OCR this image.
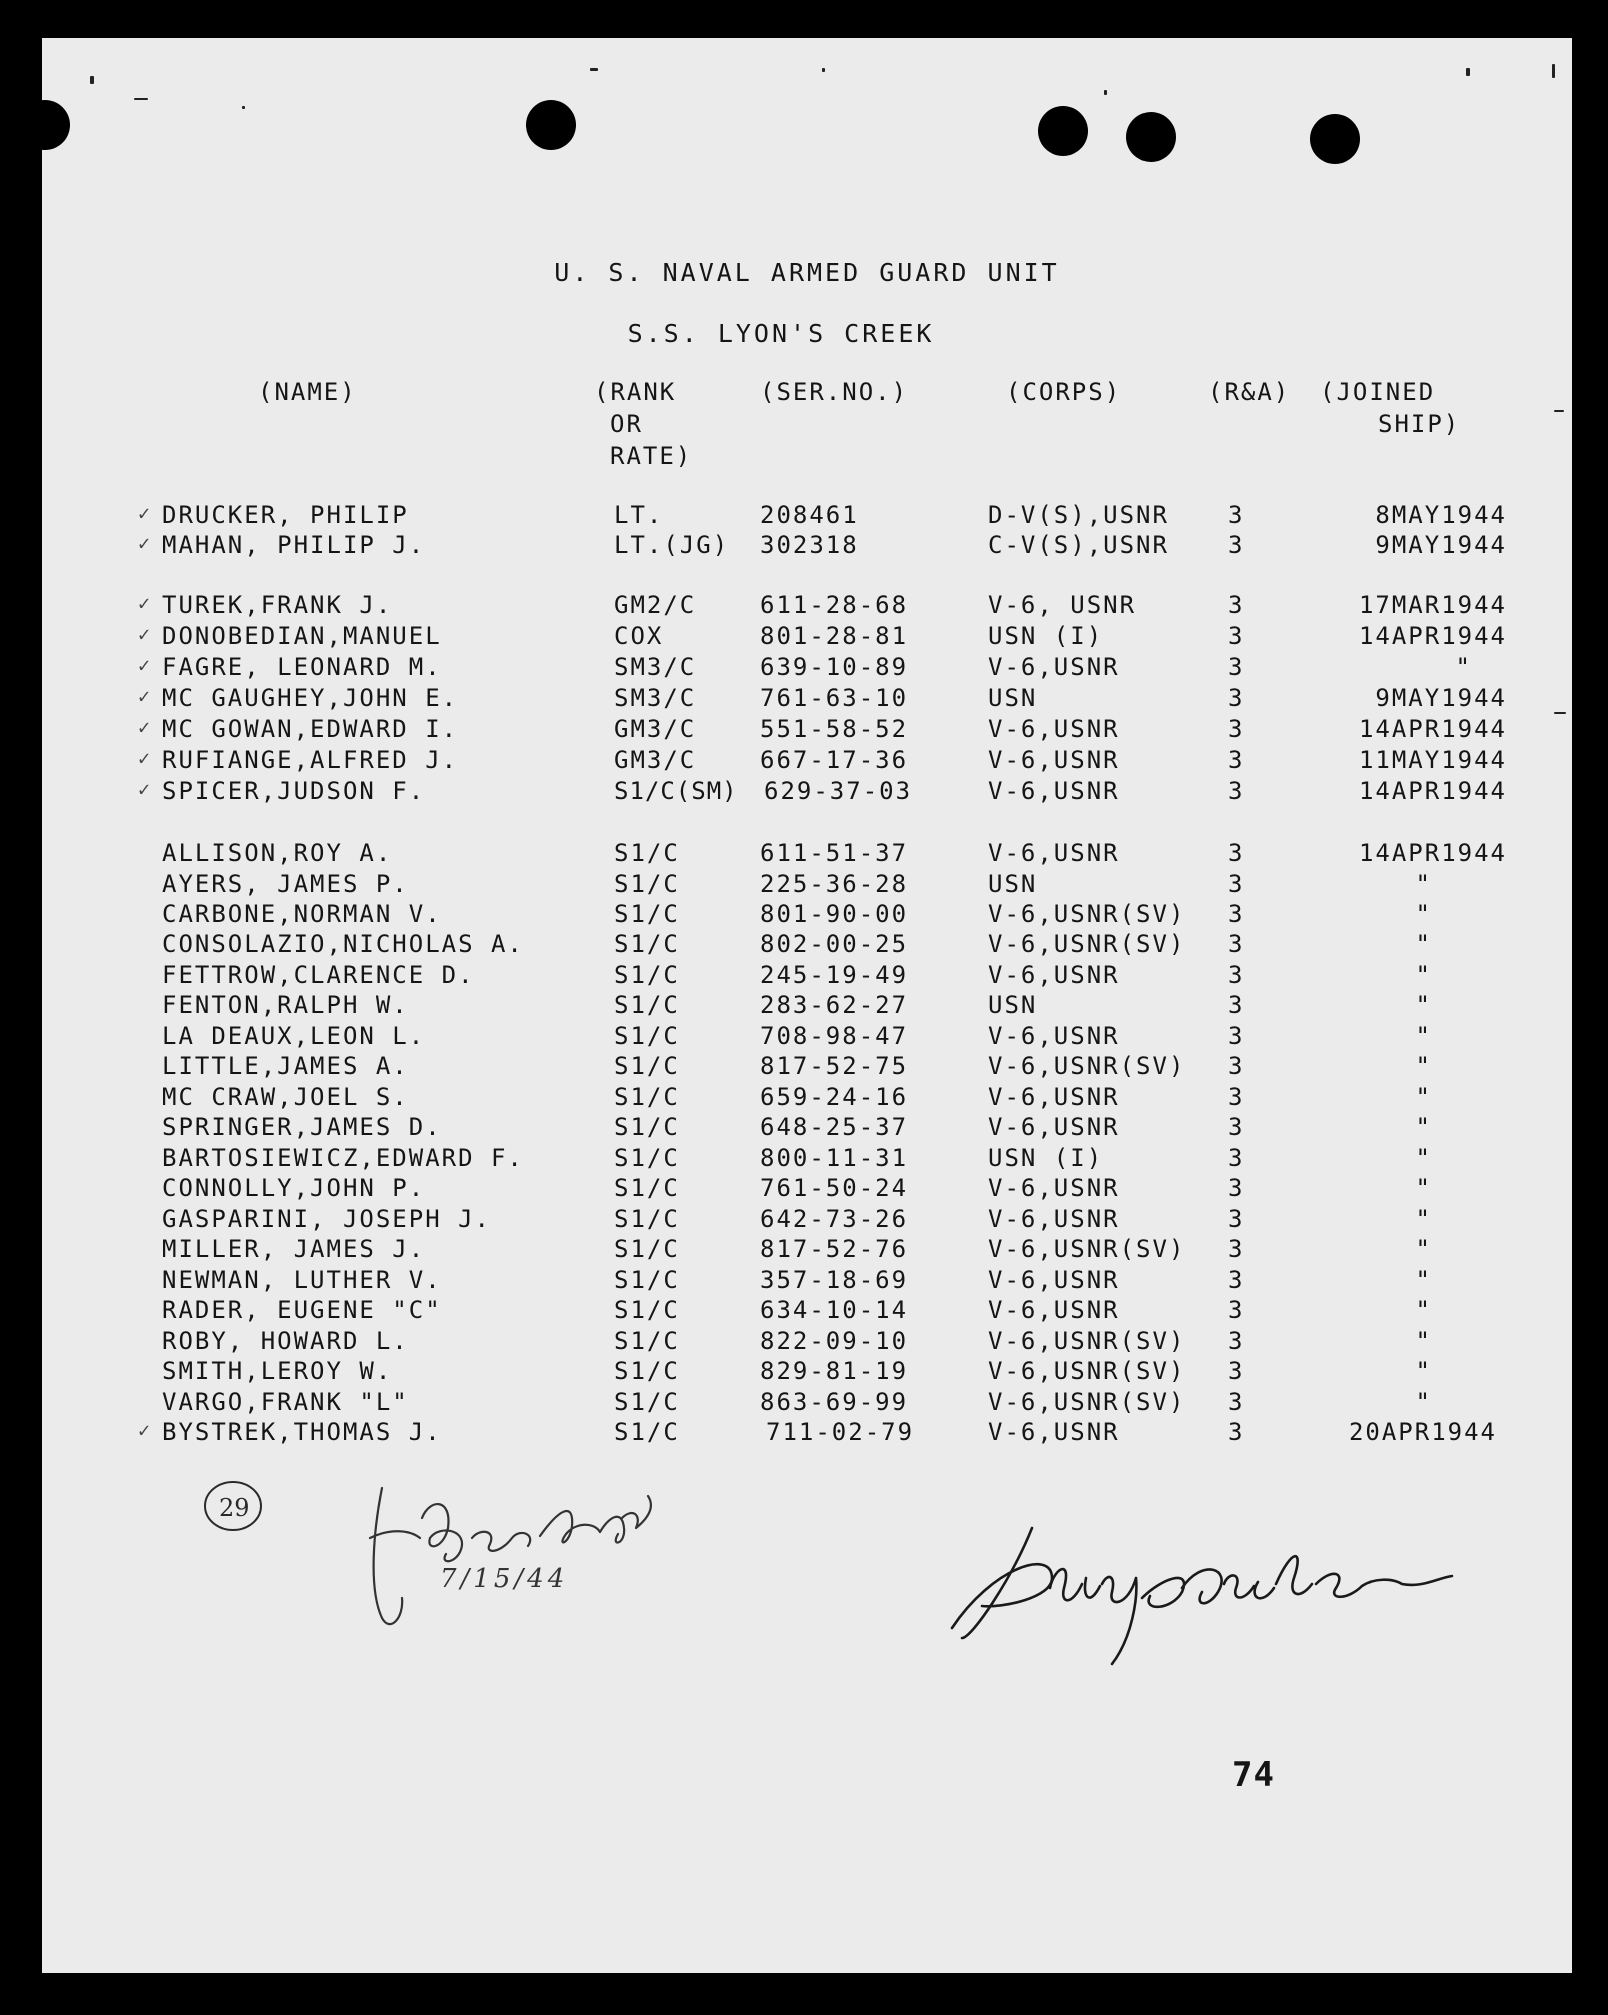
U. S. NAVAL ARMED GUARD UNIT
S.S. LYON'S CREEK
(NAME)	(RANK
OR
RATE)
(SER.NO.)	(CORPS)	(R&A) (JOINED
SHIP)
✓ DRUCKER, PHILIP	LT.	208461	D-V(S),USNR 3	8MAY1944
✓ MAHAN, PHILIP J.	LT.(JG) 302318	C-V(S),USNR 3	9MAY1944
✓ TUREK,FRANK J.	GM2/C	611-28-68	V-6, USNR	3	17MAR1944
✓ DONOBEDIAN,MANUEL	COX	801-28-81	USN (I)	3	14APR1944
✓ FAGRE, LEONARD M.	SM3/C	639-10-89	V-6,USNR	3	"
✓ MC GAUGHEY,JOHN E.	SM3/C	761-63-10	USN	3	9MAY1944
✓ MC GOWAN,EDWARD I.	GM3/C	551-58-52	V-6,USNR	3	14APR1944
✓ RUFIANGE,ALFRED J.	GM3/C	667-17-36	V-6,USNR	3	11MAY1944
✓ SPICER,JUDSON F.	S1/C(SM) 629-37-03	V-6,USNR	3	14APR1944
ALLISON,ROY A.	S1/C	611-51-37	V-6,USNR	3	14APR1944
AYERS, JAMES P.	S1/C	225-36-28	USN	3	"
CARBONE,NORMAN V.	S1/C	801-90-00	V-6,USNR(SV) 3	"
CONSOLAZIO,NICHOLAS A.	S1/C	802-00-25	V-6,USNR(SV) 3	"
FETTROW,CLARENCE D.	S1/C	245-19-49	V-6,USNR	3	"
FENTON,RALPH W.	S1/C	283-62-27	USN	3	"
LA DEAUX,LEON L.	S1/C	708-98-47	V-6,USNR	3	"
LITTLE,JAMES A.	S1/C	817-52-75	V-6,USNR(SV) 3	"
MC CRAW,JOEL S.	S1/C	659-24-16	V-6,USNR	3	"
SPRINGER,JAMES D.	S1/C	648-25-37	V-6,USNR	3	"
BARTOSIEWICZ,EDWARD F.	S1/C	800-11-31	USN (I)	3	"
CONNOLLY,JOHN P.	S1/C	761-50-24	V-6,USNR	3	"
GASPARINI, JOSEPH J.	S1/C	642-73-26	V-6,USNR	3	"
MILLER, JAMES J.	S1/C	817-52-76	V-6,USNR(SV) 3	"
NEWMAN, LUTHER V.	S1/C	357-18-69	V-6,USNR	3	"
RADER, EUGENE "C"	S1/C	634-10-14	V-6,USNR	3	"
ROBY, HOWARD L.	S1/C	822-09-10	V-6,USNR(SV) 3	"
SMITH,LEROY W.	S1/C	829-81-19	V-6,USNR(SV) 3	"
VARGO,FRANK "L"	S1/C	863-69-99	V-6,USNR(SV) 3	"
✓ BYSTREK,THOMAS J.	S1/C	711-02-79	V-6,USNR	3	20APR1944
29
7/15/44
Philip Drucker
74
